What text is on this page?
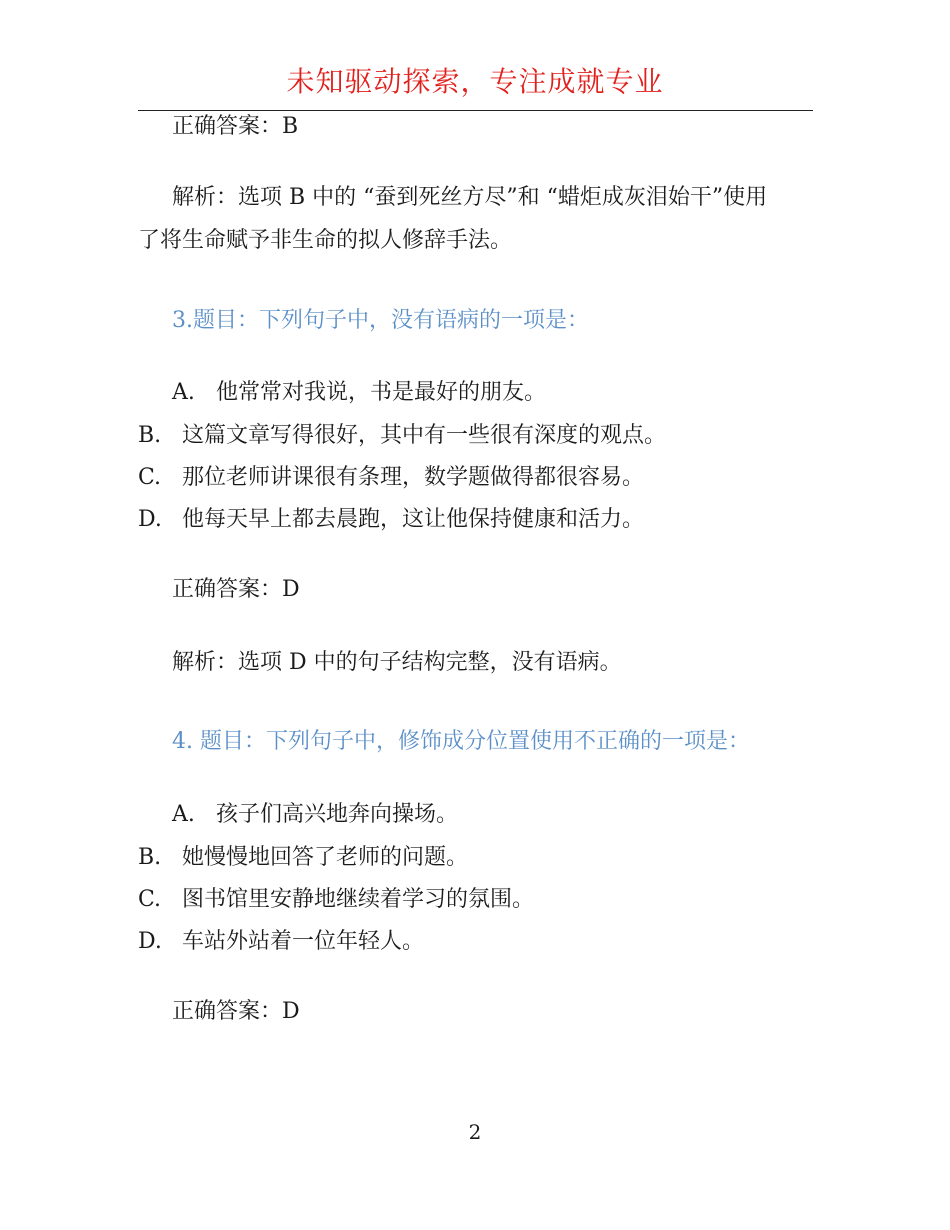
未知驱动探索，专注成就专业
正确答案：B
解析：选项 B 中的 “蚕到死丝方尽”和 “蜡炬成灰泪始干”使用
了将生命赋予非生命的拟人修辞手法。
3.题目：下列句子中，没有语病的一项是：
A. 他常常对我说，书是最好的朋友。
B. 这篇文章写得很好，其中有一些很有深度的观点。
C. 那位老师讲课很有条理，数学题做得都很容易。
D. 他每天早上都去晨跑，这让他保持健康和活力。
正确答案：D
解析：选项 D 中的句子结构完整，没有语病。
4. 题目：下列句子中，修饰成分位置使用不正确的一项是：
A. 孩子们高兴地奔向操场。
B. 她慢慢地回答了老师的问题。
C. 图书馆里安静地继续着学习的氛围。
D. 车站外站着一位年轻人。
正确答案：D
2
